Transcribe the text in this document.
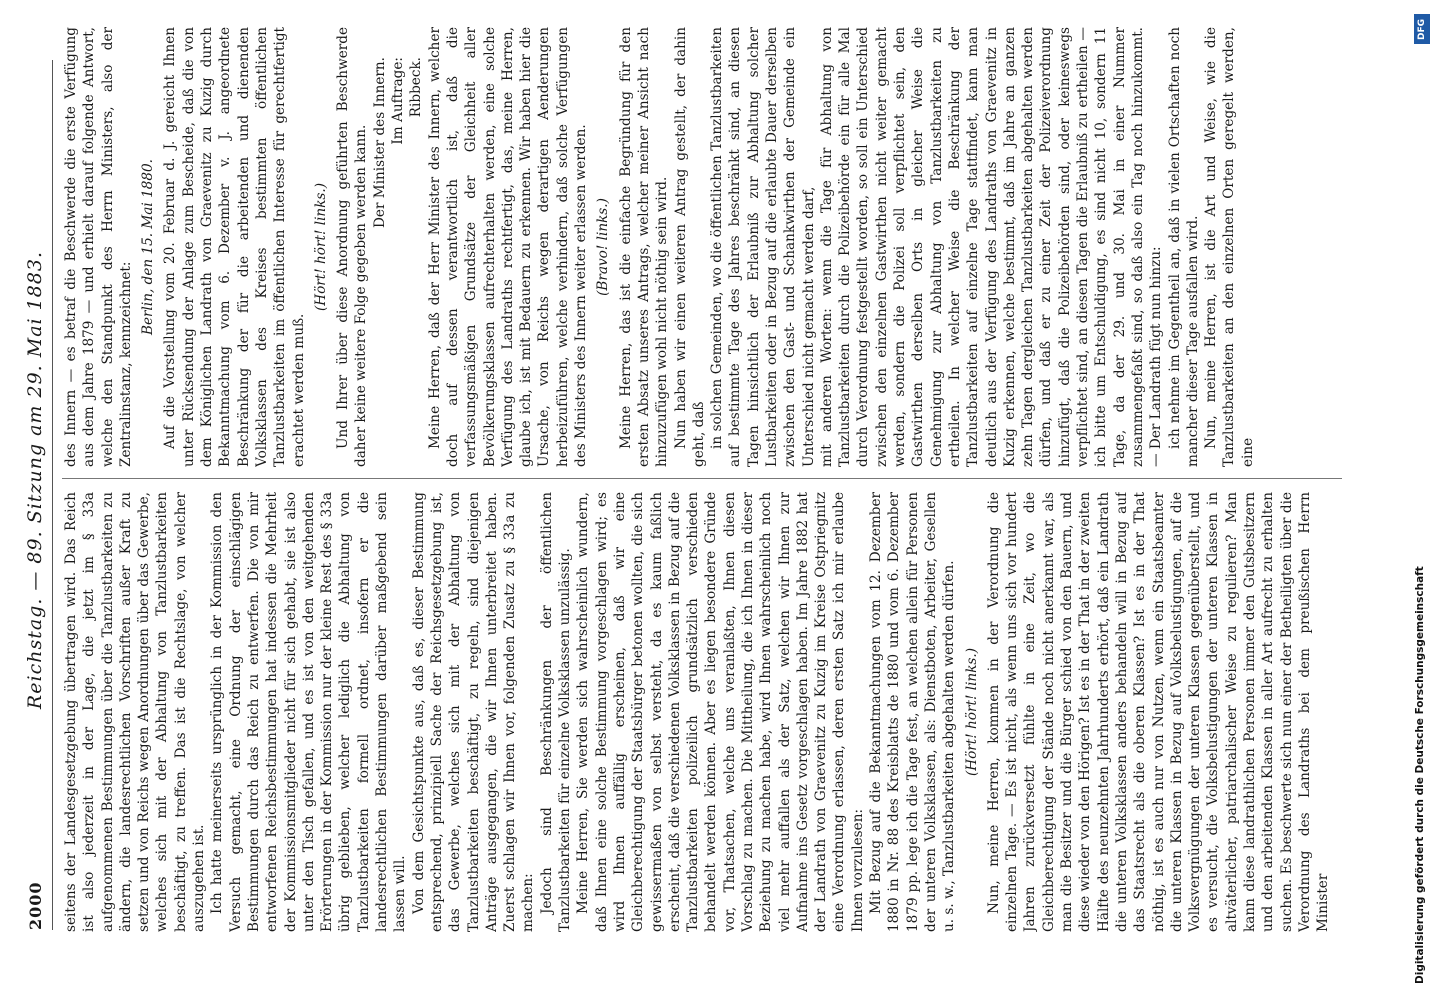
2000
Reichstag. — 89. Sitzung am 29. Mai 1883.

seitens der Landesgesetzgebung übertragen wird. Das Reich ist also jederzeit in der Lage, die jetzt im § 33a aufgenommenen Bestimmungen über die Tanzlustbarkeiten zu ändern, die landesrechtlichen Vorschriften außer Kraft zu setzen und von Reichs wegen Anordnungen über das Gewerbe, welches sich mit der Abhaltung von Tanzlustbarkeiten beschäftigt, zu treffen. Das ist die Rechtslage, von welcher auszugehen ist. Ich hatte meinerseits ursprünglich in der Kommission den Versuch gemacht, eine Ordnung der einschlägigen Bestimmungen durch das Reich zu entwerfen. Die von mir entworfenen Reichsbestimmungen hat indessen die Mehrheit der Kommissionsmitglieder nicht für sich gehabt, sie ist also unter den Tisch gefallen, und es ist von den weitgehenden Erörterungen in der Kommission nur der kleine Rest des § 33a übrig geblieben, welcher lediglich die Abhaltung von Tanzlustbarkeiten formell ordnet, insofern er die landesrechtlichen Bestimmungen darüber maßgebend sein lassen will. Von dem Gesichtspunkte aus, daß es, dieser Bestimmung entsprechend, prinzipiell Sache der Reichsgesetzgebung ist, das Gewerbe, welches sich mit der Abhaltung von Tanzlustbarkeiten beschäftigt, zu regeln, sind diejenigen Anträge ausgegangen, die wir Ihnen unterbreitet haben. Zuerst schlagen wir Ihnen vor, folgenden Zusatz zu § 33a zu machen: Jedoch sind Beschränkungen der öffentlichen Tanzlustbarkeiten für einzelne Volksklassen unzulässig. Meine Herren, Sie werden sich wahrscheinlich wundern, daß Ihnen eine solche Bestimmung vorgeschlagen wird; es wird Ihnen auffällig erscheinen, daß wir eine Gleichberechtigung der Staatsbürger betonen wollten, die sich gewissermaßen von selbst versteht, da es kaum faßlich erscheint, daß die verschiedenen Volksklassen in Bezug auf die Tanzlustbarkeiten polizeilich grundsätzlich verschieden behandelt werden können. Aber es liegen besondere Gründe vor, Thatsachen, welche uns veranlaßten, Ihnen diesen Vorschlag zu machen. Die Mittheilung, die ich Ihnen in dieser Beziehung zu machen habe, wird Ihnen wahrscheinlich noch viel mehr auffallen als der Satz, welchen wir Ihnen zur Aufnahme ins Gesetz vorgeschlagen haben. Im Jahre 1882 hat der Landrath von Graevenitz zu Kuzig im Kreise Ostpriegnitz eine Verordnung erlassen, deren ersten Satz ich mir erlaube Ihnen vorzulesen: Mit Bezug auf die Bekanntmachungen vom 12. Dezember 1880 in Nr. 88 des Kreisblatts de 1880 und vom 6. Dezember 1879 pp. lege ich die Tage fest, an welchen allein für Personen der unteren Volksklassen, als: Dienstboten, Arbeiter, Gesellen u. s. w., Tanzlustbarkeiten abgehalten werden dürfen. (Hört! hört! links.) Nun, meine Herren, kommen in der Verordnung die einzelnen Tage. — Es ist nicht, als wenn uns sich vor hundert Jahren zurückversetzt fühlte in eine Zeit, wo die Gleichberechtigung der Stände noch nicht anerkannt war, als man die Besitzer und die Bürger schied von den Bauern, und diese wieder von den Hörigen? Ist es in der That in der zweiten Hälfte des neunzehnten Jahrhunderts erhört, daß ein Landrath die unteren Volksklassen anders behandeln will in Bezug auf das Staatsrecht als die oberen Klassen? Ist es in der That nöthig, ist es auch nur von Nutzen, wenn ein Staatsbeamter die unteren Klassen in Bezug auf Volksbelustigungen, auf die Volksvergnügungen der unteren Klassen gegenüberstellt, und es versucht, die Volksbelustigungen der unteren Klassen in altväterlicher, patriarchalischer Weise zu regulieren? Man kann diese landrathlichen Personen immer den Gutsbesitzern und den arbeitenden Klassen in aller Art aufrecht zu erhalten suchen. Es beschwerte sich nun einer der Betheiligten über die Verordnung des Landraths bei dem preußischen Herrn Minister

des Innern — es betraf die Beschwerde die erste Verfügung aus dem Jahre 1879 — und erhielt darauf folgende Antwort, welche den Standpunkt des Herrn Ministers, also der Zentralinstanz, kennzeichnet:

Berlin, den 15. Mai 1880. Auf die Vorstellung vom 20. Februar d. J. gereicht Ihnen unter Rücksendung der Anlage zum Bescheide, daß die von dem Königlichen Landrath von Graevenitz zu Kuzig durch Bekanntmachung vom 6. Dezember v. J. angeordnete Beschränkung der für die arbeitenden und dienenden Volksklassen des Kreises bestimmten öffentlichen Tanzlustbarkeiten im öffentlichen Interesse für gerechtfertigt erachtet werden muß.

(Hört! hört! links.) Und Ihrer über diese Anordnung geführten Beschwerde daher keine weitere Folge gegeben werden kann. Der Minister des Innern. Im Auftrage: Ribbeck. Meine Herren, daß der Herr Minister des Innern, welcher doch auf dessen verantwortlich ist, daß die verfassungsmäßigen Grundsätze der Gleichheit aller Bevölkerungsklassen aufrechterhalten werden, eine solche Verfügung des Landraths rechtfertigt, das, meine Herren, glaube ich, ist mit Bedauern zu erkennen. Wir haben hier die Ursache, von Reichs wegen derartigen Aenderungen herbeizuführen, welche verhindern, daß solche Verfügungen des Ministers des Innern weiter erlassen werden. (Bravo! links.) Meine Herren, das ist die einfache Begründung für den ersten Absatz unseres Antrags, welcher meiner Ansicht nach hinzuzufügen wohl nicht nöthig sein wird. Nun haben wir einen weiteren Antrag gestellt, der dahin geht, daß in solchen Gemeinden, wo die öffentlichen Tanzlustbarkeiten auf bestimmte Tage des Jahres beschränkt sind, an diesen Tagen hinsichtlich der Erlaubniß zur Abhaltung solcher Lustbarkeiten oder in Bezug auf die erlaubte Dauer derselben zwischen den Gast- und Schankwirthen der Gemeinde ein Unterschied nicht gemacht werden darf, mit anderen Worten: wenn die Tage für Abhaltung von Tanzlustbarkeiten durch die Polizeibehörde ein für alle Mal durch Verordnung festgestellt worden, so soll ein Unterschied zwischen den einzelnen Gastwirthen nicht weiter gemacht werden, sondern die Polizei soll verpflichtet sein, den Gastwirthen derselben Orts in gleicher Weise die Genehmigung zur Abhaltung von Tanzlustbarkeiten zu ertheilen. In welcher Weise die Beschränkung der Tanzlustbarkeiten auf einzelne Tage stattfindet, kann man deutlich aus der Verfügung des Landraths von Graevenitz in Kuzig erkennen, welche bestimmt, daß im Jahre an ganzen zehn Tagen dergleichen Tanzlustbarkeiten abgehalten werden dürfen, und daß er zu einer Zeit der Polizeiverordnung hinzufügt, daß die Polizeibehörden sind, oder keineswegs verpflichtet sind, an diesen Tagen die Erlaubniß zu ertheilen — ich bitte um Entschuldigung, es sind nicht 10, sondern 11 Tage, da der 29. und 30. Mai in einer Nummer zusammengefaßt sind, so daß also ein Tag noch hinzukommt. — Der Landrath fügt nun hinzu: ich nehme im Gegentheil an, daß in vielen Ortschaften noch mancher dieser Tage ausfallen wird. Nun, meine Herren, ist die Art und Weise, wie die Tanzlustbarkeiten an den einzelnen Orten geregelt werden, eine

DFG
Digitalisierung gefördert durch die Deutsche Forschungsgemeinschaft
